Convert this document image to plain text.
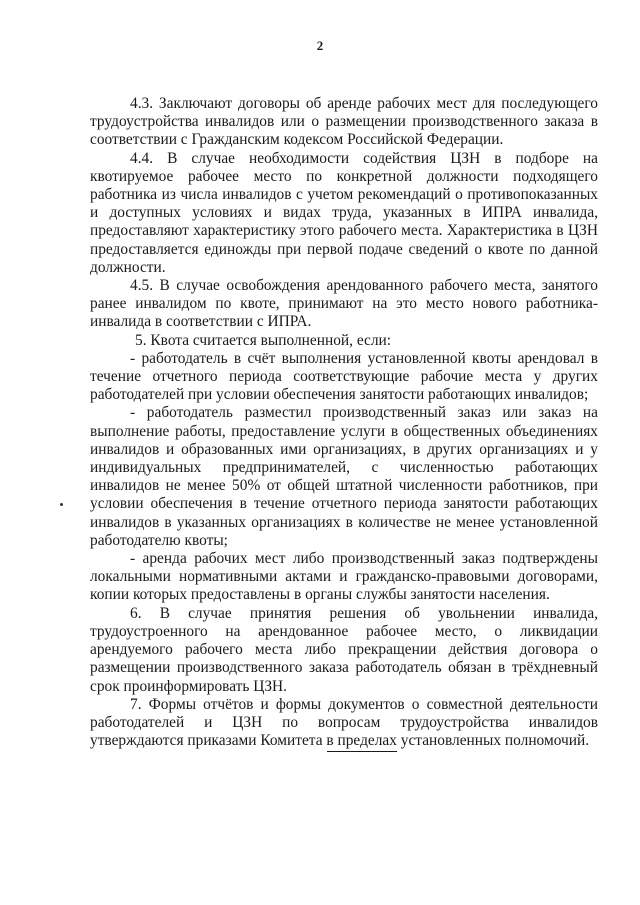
2

4.3. Заключают договоры об аренде рабочих мест для последующего трудоустройства инвалидов или о размещении производственного заказа в соответствии с Гражданским кодексом Российской Федерации.

4.4. В случае необходимости содействия ЦЗН в подборе на квотируемое рабочее место по конкретной должности подходящего работника из числа инвалидов с учетом рекомендаций о противопоказанных и доступных условиях и видах труда, указанных в ИПРА инвалида, предоставляют характеристику этого рабочего места. Характеристика в ЦЗН предоставляется единожды при первой подаче сведений о квоте по данной должности.

4.5. В случае освобождения арендованного рабочего места, занятого ранее инвалидом по квоте, принимают на это место нового работника-инвалида в соответствии с ИПРА.

5. Квота считается выполненной, если:

- работодатель в счёт выполнения установленной квоты арендовал в течение отчетного периода соответствующие рабочие места у других работодателей при условии обеспечения занятости работающих инвалидов;

- работодатель разместил производственный заказ или заказ на выполнение работы, предоставление услуги в общественных объединениях инвалидов и образованных ими организациях, в других организациях и у индивидуальных предпринимателей, с численностью работающих инвалидов не менее 50% от общей штатной численности работников, при условии обеспечения в течение отчетного периода занятости работающих инвалидов в указанных организациях в количестве не менее установленной работодателю квоты;

- аренда рабочих мест либо производственный заказ подтверждены локальными нормативными актами и гражданско-правовыми договорами, копии которых предоставлены в органы службы занятости населения.

6. В случае принятия решения об увольнении инвалида, трудоустроенного на арендованное рабочее место, о ликвидации арендуемого рабочего места либо прекращении действия договора о размещении производственного заказа работодатель обязан в трёхдневный срок проинформировать ЦЗН.

7. Формы отчётов и формы документов о совместной деятельности работодателей и ЦЗН по вопросам трудоустройства инвалидов утверждаются приказами Комитета в пределах установленных полномочий.
